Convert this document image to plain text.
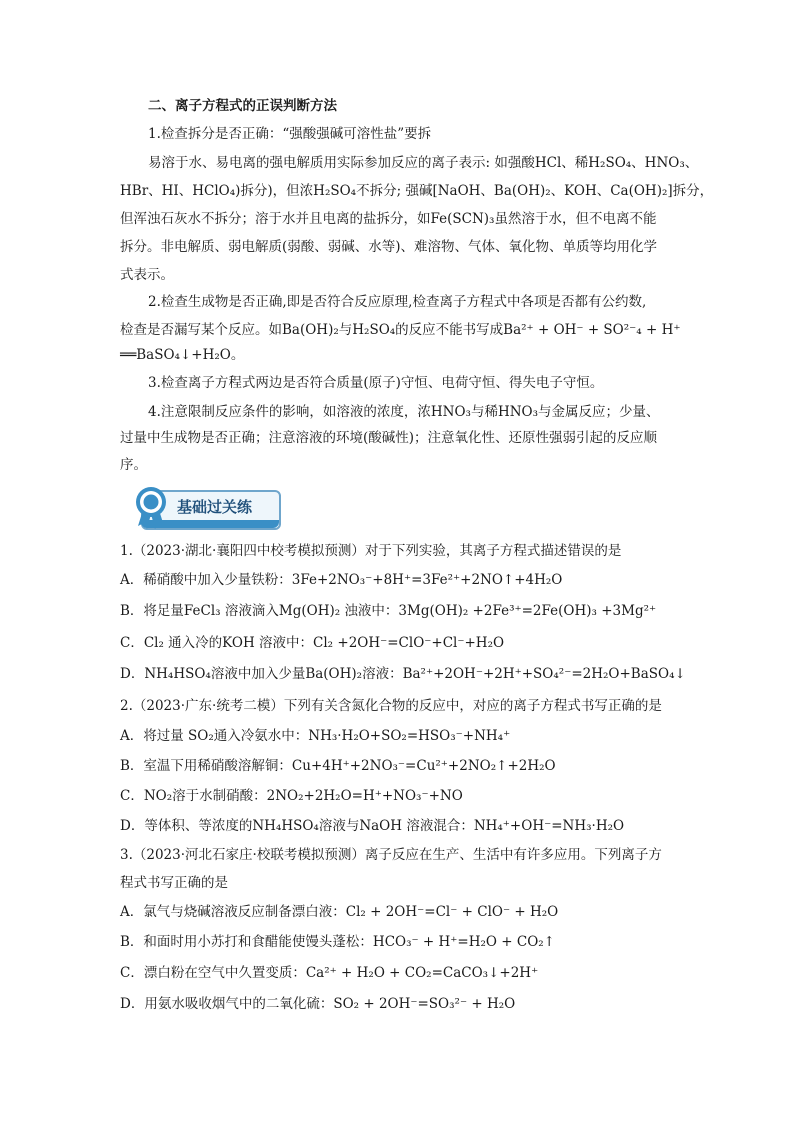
二、离子方程式的正误判断方法
1.检查拆分是否正确：“强酸强碱可溶性盐”要拆
易溶于水、易电离的强电解质用实际参加反应的离子表示: 如强酸HCl、稀H₂SO₄、HNO₃、
HBr、HI、HClO₄)拆分)，但浓H₂SO₄不拆分; 强碱[NaOH、Ba(OH)₂、KOH、Ca(OH)₂]拆分，
但浑浊石灰水不拆分；溶于水并且电离的盐拆分，如Fe(SCN)₃虽然溶于水，但不电离不能
拆分。非电解质、弱电解质(弱酸、弱碱、水等)、难溶物、气体、氧化物、单质等均用化学
式表示。
2.检查生成物是否正确,即是否符合反应原理,检查离子方程式中各项是否都有公约数,
检查是否漏写某个反应。如Ba(OH)₂与H₂SO₄的反应不能书写成Ba²⁺ + OH⁻ + SO²⁻₄ + H⁺
══BaSO₄↓+H₂O。
3.检查离子方程式两边是否符合质量(原子)守恒、电荷守恒、得失电子守恒。
4.注意限制反应条件的影响，如溶液的浓度，浓HNO₃与稀HNO₃与金属反应；少量、
过量中生成物是否正确；注意溶液的环境(酸碱性)；注意氧化性、还原性强弱引起的反应顺
序。
基础过关练
1.（2023·湖北·襄阳四中校考模拟预测）对于下列实验，其离子方程式描述错误的是
A．稀硝酸中加入少量铁粉：3Fe+2NO₃⁻+8H⁺=3Fe²⁺+2NO↑+4H₂O
B．将足量FeCl₃ 溶液滴入Mg(OH)₂ 浊液中：3Mg(OH)₂ +2Fe³⁺=2Fe(OH)₃ +3Mg²⁺
C．Cl₂ 通入冷的KOH 溶液中：Cl₂ +2OH⁻=ClO⁻+Cl⁻+H₂O
D．NH₄HSO₄溶液中加入少量Ba(OH)₂溶液：Ba²⁺+2OH⁻+2H⁺+SO₄²⁻=2H₂O+BaSO₄↓
2.（2023·广东·统考二模）下列有关含氮化合物的反应中，对应的离子方程式书写正确的是
A．将过量 SO₂通入冷氨水中：NH₃·H₂O+SO₂=HSO₃⁻+NH₄⁺
B．室温下用稀硝酸溶解铜：Cu+4H⁺+2NO₃⁻=Cu²⁺+2NO₂↑+2H₂O
C．NO₂溶于水制硝酸：2NO₂+2H₂O=H⁺+NO₃⁻+NO
D．等体积、等浓度的NH₄HSO₄溶液与NaOH 溶液混合：NH₄⁺+OH⁻=NH₃·H₂O
3.（2023·河北石家庄·校联考模拟预测）离子反应在生产、生活中有许多应用。下列离子方
程式书写正确的是
A．氯气与烧碱溶液反应制备漂白液：Cl₂ + 2OH⁻=Cl⁻ + ClO⁻ + H₂O
B．和面时用小苏打和食醋能使馒头蓬松：HCO₃⁻ + H⁺=H₂O + CO₂↑
C．漂白粉在空气中久置变质：Ca²⁺ + H₂O + CO₂=CaCO₃↓+2H⁺
D．用氨水吸收烟气中的二氧化硫：SO₂ + 2OH⁻=SO₃²⁻ + H₂O
